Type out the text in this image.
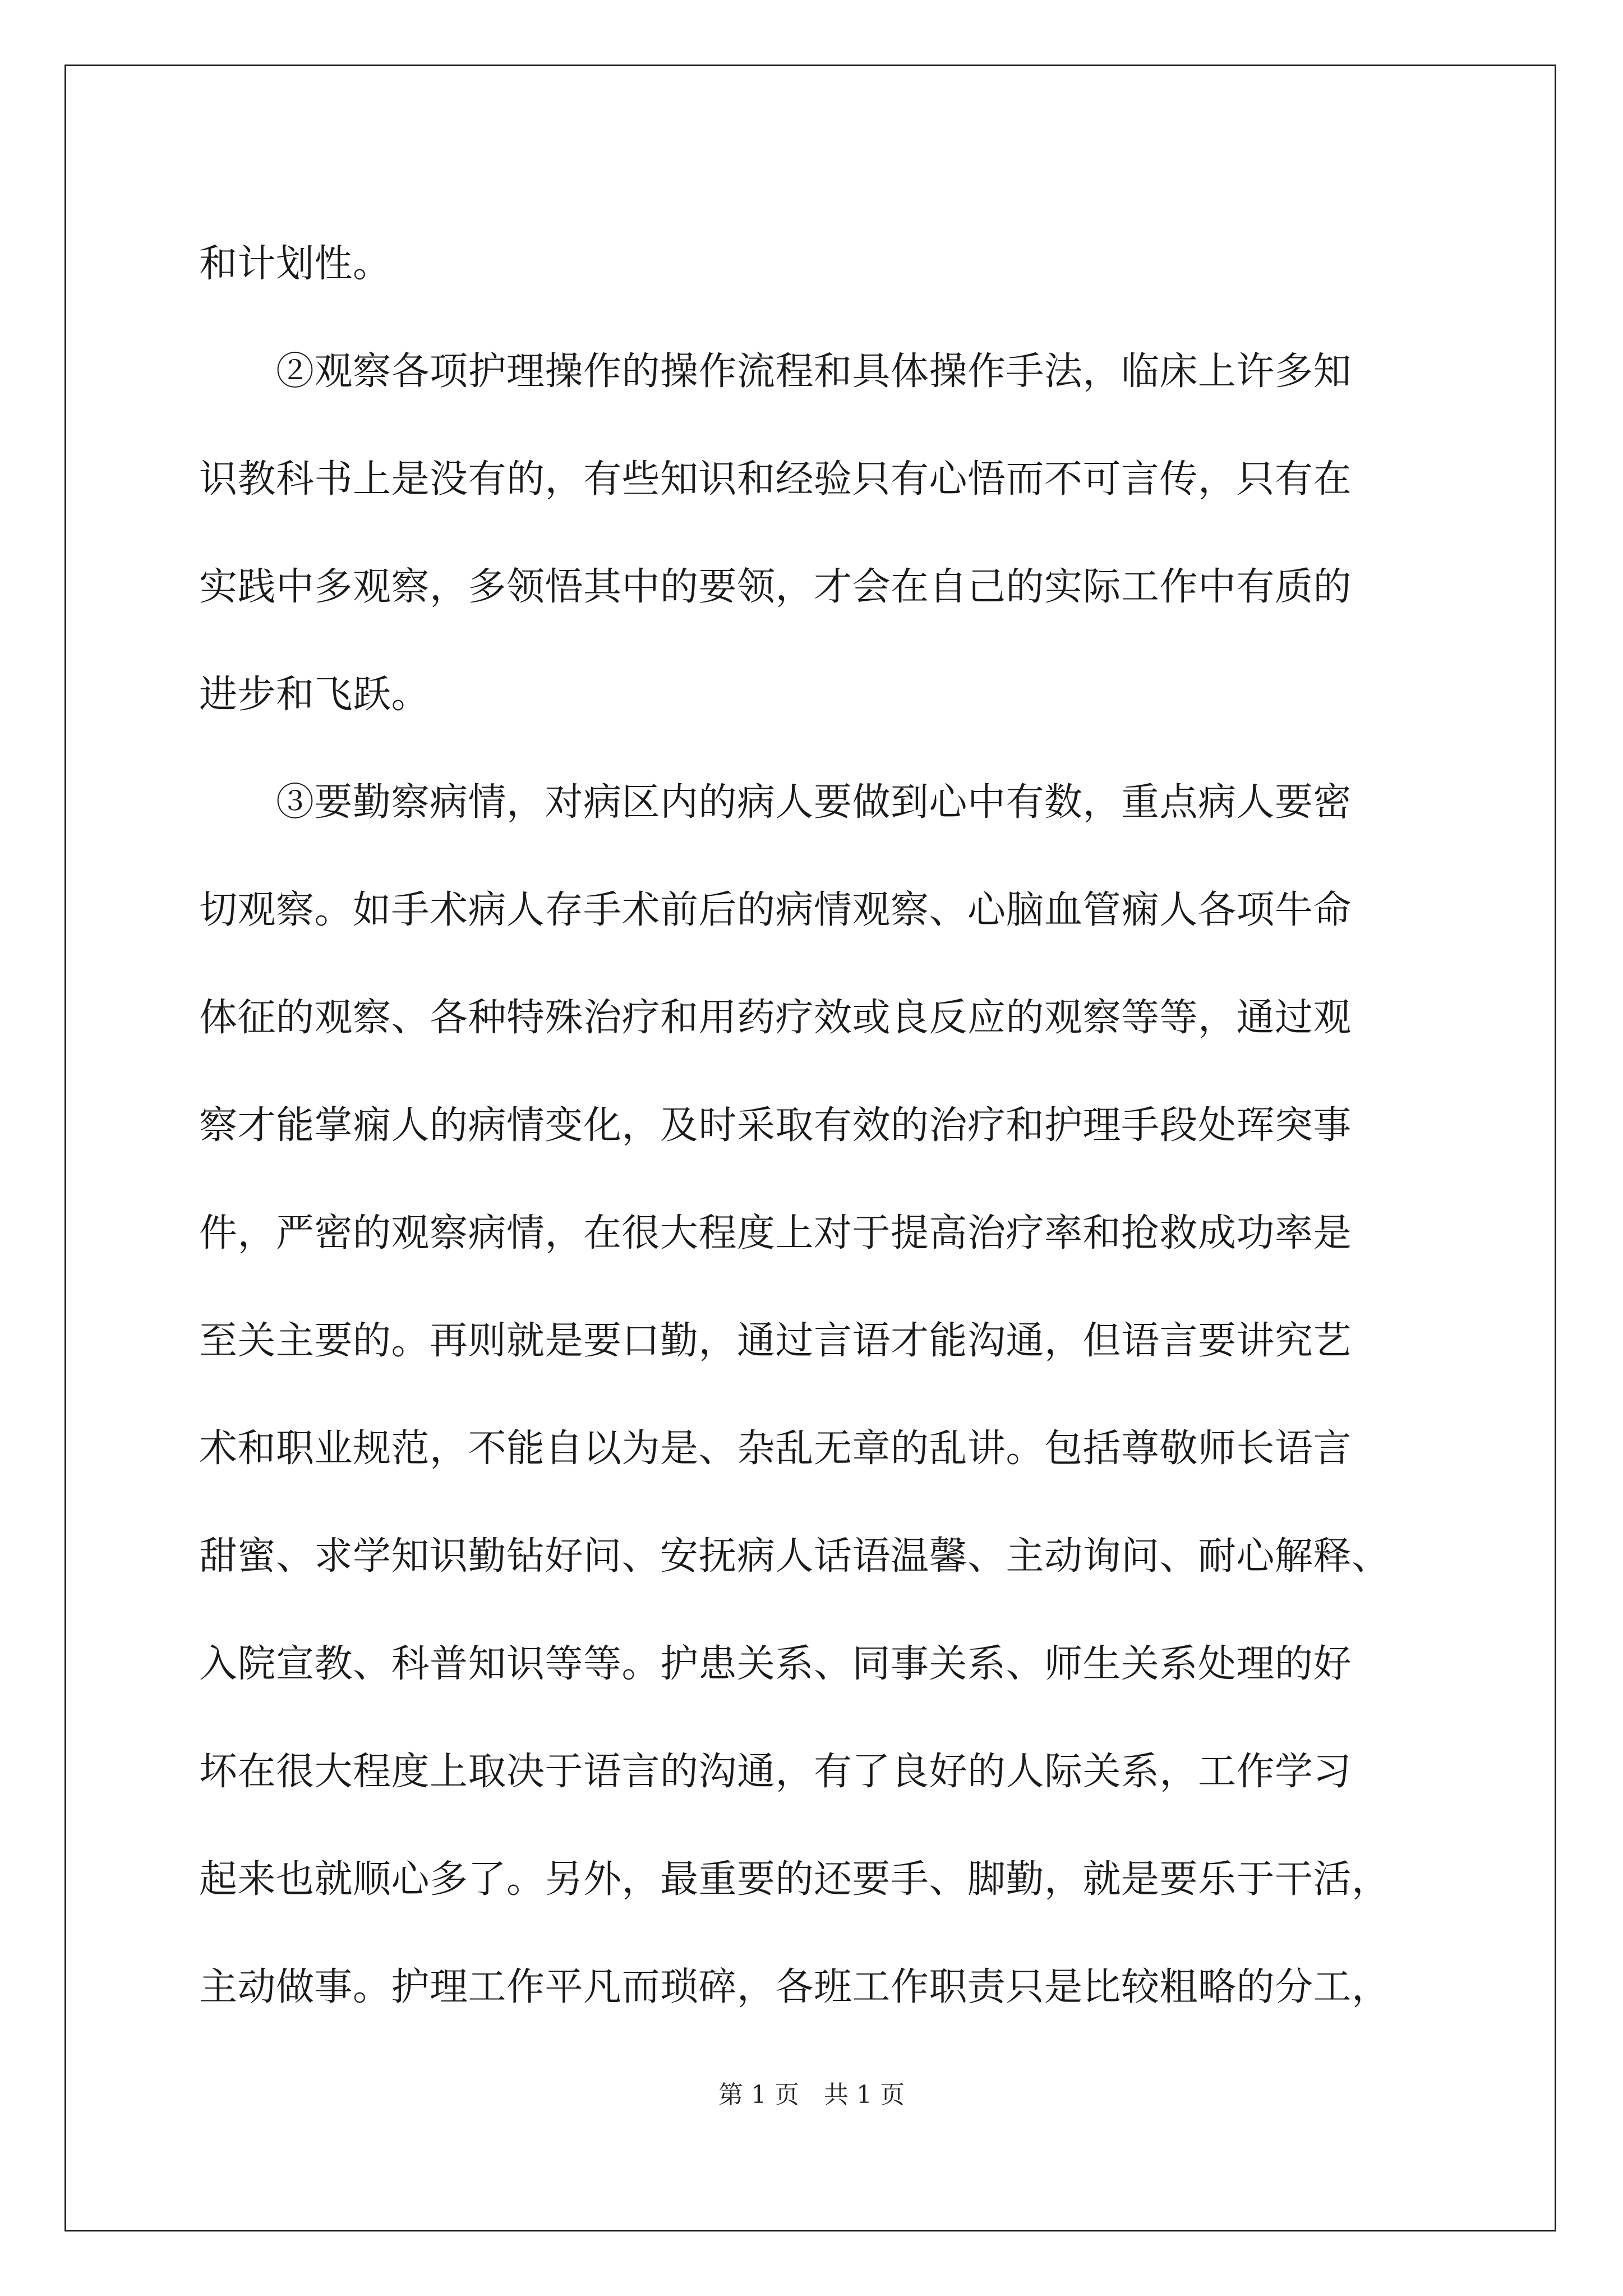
和计划性。
　　②观察各项护理操作的操作流程和具体操作手法，临床上许多知
识教科书上是没有的，有些知识和经验只有心悟而不可言传，只有在
实践中多观察，多领悟其中的要领，才会在自己的实际工作中有质的
进步和飞跃。
　　③要勤察病情，对病区内的病人要做到心中有数，重点病人要密
切观察。如手术病人存手术前后的病情观察、心脑血管痫人各项牛命
体征的观察、各种特殊治疗和用药疗效或良反应的观察等等，通过观
察才能掌痫人的病情变化，及时采取有效的治疗和护理手段处珲突事
件，严密的观察病情，在很大程度上对于提高治疗率和抢救成功率是
至关主要的。再则就是要口勤，通过言语才能沟通，但语言要讲究艺
术和职业规范，不能自以为是、杂乱无章的乱讲。包括尊敬师长语言
甜蜜、求学知识勤钻好问、安抚病人话语温馨、主动询问、耐心解释、
入院宣教、科普知识等等。护患关系、同事关系、师生关系处理的好
坏在很大程度上取决于语言的沟通，有了良好的人际关系，工作学习
起来也就顺心多了。另外，最重要的还要手、脚勤，就是要乐于干活，
主动做事。护理工作平凡而琐碎，各班工作职责只是比较粗略的分工，
第 1 页　共 1 页
